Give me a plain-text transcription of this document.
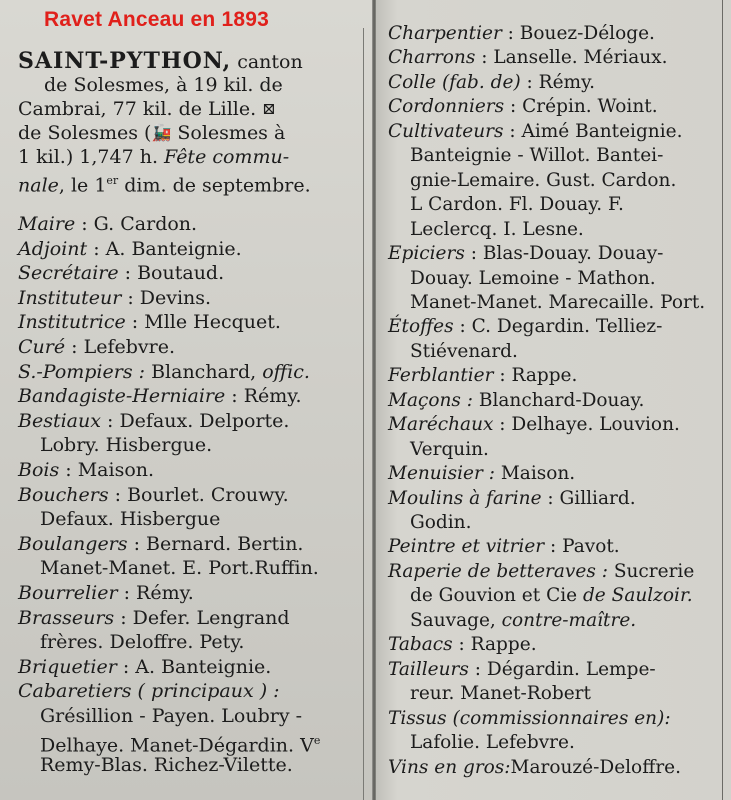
SAINT-PYTHON, canton
de Solesmes, à 19 kil. de
Cambrai, 77 kil. de Lille. ⊠
de Solesmes (🚂 Solesmes à
1 kil.) 1,747 h. Fête commu-
nale, le 1er dim. de septembre.
Maire : G. Cardon.
Adjoint : A. Banteignie.
Secrétaire : Boutaud.
Instituteur : Devins.
Institutrice : Mlle Hecquet.
Curé : Lefebvre.
S.-Pompiers : Blanchard, offic.
Bandagiste-Herniaire : Rémy.
Bestiaux : Defaux. Delporte.
Lobry. Hisbergue.
Bois : Maison.
Bouchers : Bourlet. Crouwy.
Defaux. Hisbergue
Boulangers : Bernard. Bertin.
Manet-Manet. E. Port.Ruffin.
Bourrelier : Rémy.
Brasseurs : Defer. Lengrand
frères. Deloffre. Pety.
Briquetier : A. Banteignie.
Cabaretiers ( principaux ) :
Grésillion - Payen. Loubry -
Delhaye. Manet-Dégardin. Ve
Remy-Blas. Richez-Vilette.
Charpentier : Bouez-Déloge.
Charrons : Lanselle. Mériaux.
Colle (fab. de) : Rémy.
Cordonniers : Crépin. Woint.
Cultivateurs : Aimé Banteignie.
Banteignie - Willot. Bantei-
gnie-Lemaire. Gust. Cardon.
L Cardon. Fl. Douay. F.
Leclercq. I. Lesne.
Epiciers : Blas-Douay. Douay-
Douay. Lemoine - Mathon.
Manet-Manet. Marecaille. Port.
Étoffes : C. Degardin. Telliez-
Stiévenard.
Ferblantier : Rappe.
Maçons : Blanchard-Douay.
Maréchaux : Delhaye. Louvion.
Verquin.
Menuisier : Maison.
Moulins à farine : Gilliard.
Godin.
Peintre et vitrier : Pavot.
Raperie de betteraves : Sucrerie
de Gouvion et Cie de Saulzoir.
Sauvage, contre-maître.
Tabacs : Rappe.
Tailleurs : Dégardin. Lempe-
reur. Manet-Robert
Tissus (commissionnaires en):
Lafolie. Lefebvre.
Vins en gros:Marouzé-Deloffre.
Ravet Anceau en 1893
